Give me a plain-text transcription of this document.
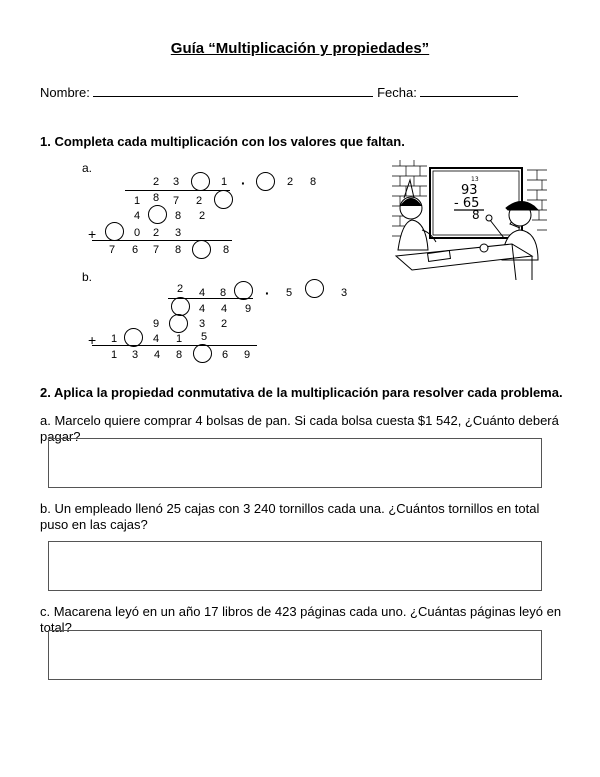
Guía “Multiplicación y propiedades”
Nombre:	Fecha:
1. Completa cada multiplicación con los valores que faltan.
a.
2 3	1 ·	2 8
1 8 7 2
4	8 2
+	0 2 3
7 6 7 8	8
b.
2 4 8	· 5	3
4 4 9
9	3 2
+ 1	4 1 5
1 3 4 8	6 9
13
93
- 65
8
2. Aplica la propiedad conmutativa de la multiplicación para resolver cada problema.
a. Marcelo quiere comprar 4 bolsas de pan. Si cada bolsa cuesta $1 542, ¿Cuánto deberá pagar?
b. Un empleado llenó 25 cajas con 3 240 tornillos cada una. ¿Cuántos tornillos en total puso en las cajas?
c. Macarena leyó en un año 17 libros de 423 páginas cada uno. ¿Cuántas páginas leyó en total?
